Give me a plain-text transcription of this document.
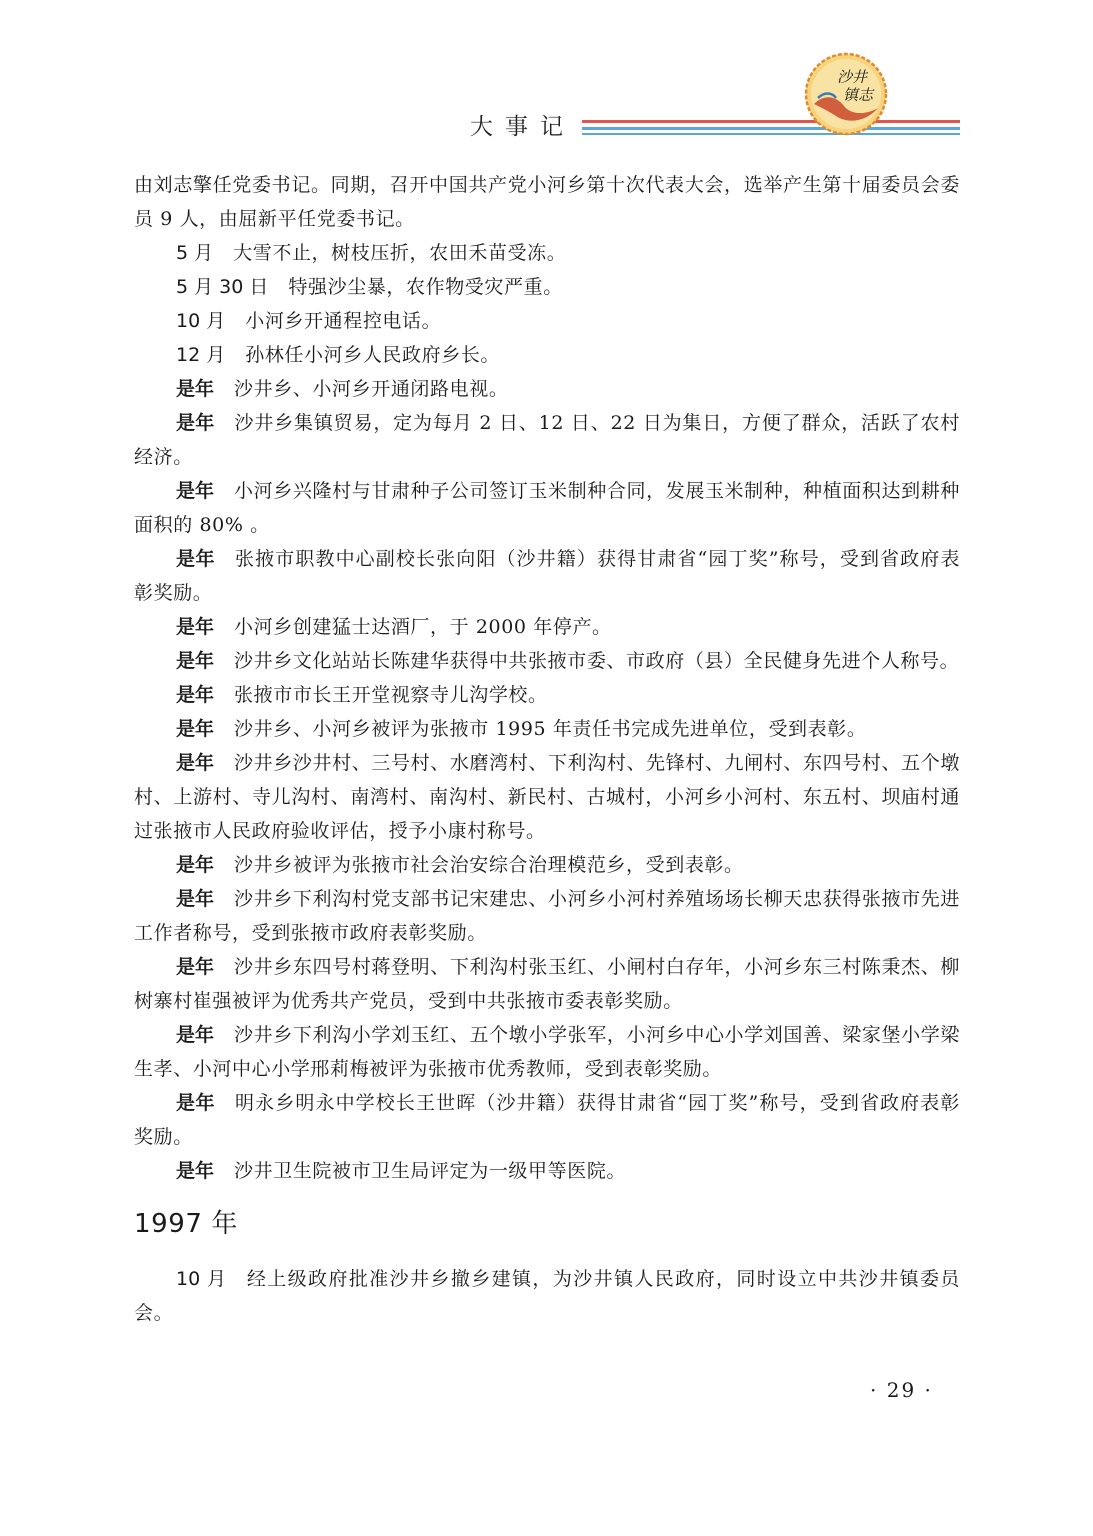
大事记
沙井
镇志

由刘志擎任党委书记。同期，召开中国共产党小河乡第十次代表大会，选举产生第十届委员会委员 9 人，由屈新平任党委书记。

5 月 大雪不止，树枝压折，农田禾苗受冻。

5 月 30 日 特强沙尘暴，农作物受灾严重。

10 月 小河乡开通程控电话。

12 月 孙林任小河乡人民政府乡长。

是年 沙井乡、小河乡开通闭路电视。

是年 沙井乡集镇贸易，定为每月 2 日、12 日、22 日为集日，方便了群众，活跃了农村经济。

是年 小河乡兴隆村与甘肃种子公司签订玉米制种合同，发展玉米制种，种植面积达到耕种面积的 80% 。

是年 张掖市职教中心副校长张向阳（沙井籍）获得甘肃省“园丁奖”称号，受到省政府表彰奖励。

是年 小河乡创建猛士达酒厂，于 2000 年停产。

是年 沙井乡文化站站长陈建华获得中共张掖市委、市政府（县）全民健身先进个人称号。

是年 张掖市市长王开堂视察寺儿沟学校。

是年 沙井乡、小河乡被评为张掖市 1995 年责任书完成先进单位，受到表彰。

是年 沙井乡沙井村、三号村、水磨湾村、下利沟村、先锋村、九闸村、东四号村、五个墩村、上游村、寺儿沟村、南湾村、南沟村、新民村、古城村，小河乡小河村、东五村、坝庙村通过张掖市人民政府验收评估，授予小康村称号。

是年 沙井乡被评为张掖市社会治安综合治理模范乡，受到表彰。

是年 沙井乡下利沟村党支部书记宋建忠、小河乡小河村养殖场场长柳天忠获得张掖市先进工作者称号，受到张掖市政府表彰奖励。

是年 沙井乡东四号村蒋登明、下利沟村张玉红、小闸村白存年，小河乡东三村陈秉杰、柳树寨村崔强被评为优秀共产党员，受到中共张掖市委表彰奖励。

是年 沙井乡下利沟小学刘玉红、五个墩小学张军，小河乡中心小学刘国善、梁家堡小学梁生孝、小河中心小学邢莉梅被评为张掖市优秀教师，受到表彰奖励。

是年 明永乡明永中学校长王世晖（沙井籍）获得甘肃省“园丁奖”称号，受到省政府表彰奖励。

是年 沙井卫生院被市卫生局评定为一级甲等医院。

1997 年

10 月 经上级政府批准沙井乡撤乡建镇，为沙井镇人民政府，同时设立中共沙井镇委员会。

· 29 ·
